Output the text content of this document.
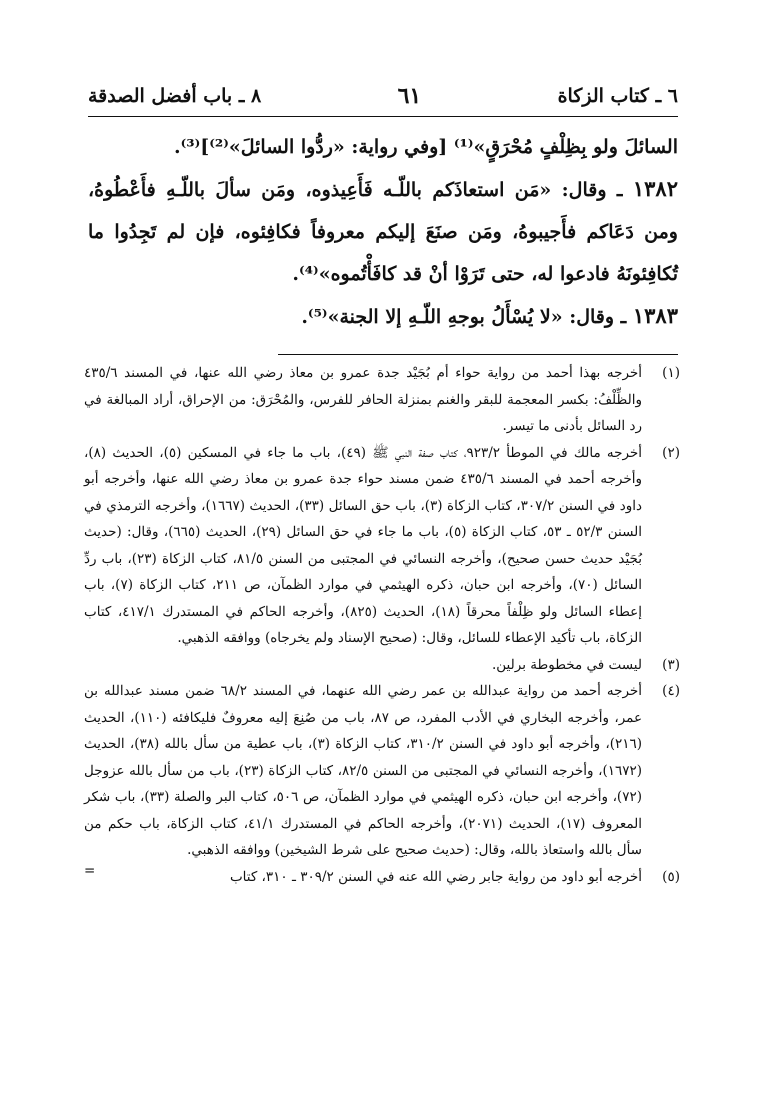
٦ ـ كتاب الزكاة
٦١
٨ ـ باب أفضل الصدقة

السائلَ ولو بِظِلْفٍ مُحْرَقٍ»⁽¹⁾ [وفي رواية: «ردُّوا السائلَ»⁽²⁾]⁽³⁾.

١٣٨٢ ـ وقال: «مَن استعاذَكم باللّـه فَأَعِيذوه، ومَن سألَ باللّـهِ فأَعْطُوهُ، ومن دَعَاكم فأَجيبوهُ، ومَن صنَعَ إليكم معروفاً فكافِئوه، فإن لم تَجِدُوا ما تُكافِئونَهُ فادعوا له، حتى تَرَوْا أنْ قد كافَأْتُموه»⁽⁴⁾.

١٣٨٣ ـ وقال: «لا يُسْأَلُ بوجهِ اللّـهِ إلا الجنة»⁽⁵⁾.

(١)
أخرجه بهذا أحمد من رواية حواء أم بُجَيْد جدة عمرو بن معاذ رضي الله عنها، في المسند ٤٣٥/٦ والظِّلْفُ: بكسر المعجمة للبقر والغنم بمنزلة الحافر للفرس، والمُحْرَق: من الإحراق، أراد المبالغة في رد السائل بأدنى ما تيسر.
(٢)
أخرجه مالك في الموطأ ٩٢٣/٢، كتاب صفة النبي ﷺ (٤٩)، باب ما جاء في المسكين (٥)، الحديث (٨)، وأخرجه أحمد في المسند ٤٣٥/٦ ضمن مسند حواء جدة عمرو بن معاذ رضي الله عنها، وأخرجه أبو داود في السنن ٣٠٧/٢، كتاب الزكاة (٣)، باب حق السائل (٣٣)، الحديث (١٦٦٧)، وأخرجه الترمذي في السنن ٥٢/٣ ـ ٥٣، كتاب الزكاة (٥)، باب ما جاء في حق السائل (٢٩)، الحديث (٦٦٥)، وقال: (حديث بُجَيْد حديث حسن صحيح)، وأخرجه النسائي في المجتبى من السنن ٨١/٥، كتاب الزكاة (٢٣)، باب ردِّ السائل (٧٠)، وأخرجه ابن حبان، ذكره الهيثمي في موارد الظمآن، ص ٢١١، كتاب الزكاة (٧)، باب إعطاء السائل ولو ظِلْفاً محرقاً (١٨)، الحديث (٨٢٥)، وأخرجه الحاكم في المستدرك ٤١٧/١، كتاب الزكاة، باب تأكيد الإعطاء للسائل، وقال: (صحيح الإسناد ولم يخرجاه) ووافقه الذهبي.
(٣)
ليست في مخطوطة برلين.
(٤)
أخرجه أحمد من رواية عبدالله بن عمر رضي الله عنهما، في المسند ٦٨/٢ ضمن مسند عبدالله بن عمر، وأخرجه البخاري في الأدب المفرد، ص ٨٧، باب من صُنِعَ إليه معروفٌ فليكافئه (١١٠)، الحديث (٢١٦)، وأخرجه أبو داود في السنن ٣١٠/٢، كتاب الزكاة (٣)، باب عطية من سأل بالله (٣٨)، الحديث (١٦٧٢)، وأخرجه النسائي في المجتبى من السنن ٨٢/٥، كتاب الزكاة (٢٣)، باب من سأل بالله عزوجل (٧٢)، وأخرجه ابن حبان، ذكره الهيثمي في موارد الظمآن، ص ٥٠٦، كتاب البر والصلة (٣٣)، باب شكر المعروف (١٧)، الحديث (٢٠٧١)، وأخرجه الحاكم في المستدرك ٤١/١، كتاب الزكاة، باب حكم من سأل بالله واستعاذ بالله، وقال: (حديث صحيح على شرط الشيخين) ووافقه الذهبي.
(٥)
أخرجه أبو داود من رواية جابر رضي الله عنه في السنن ٣٠٩/٢ ـ ٣١٠، كتاب
=
